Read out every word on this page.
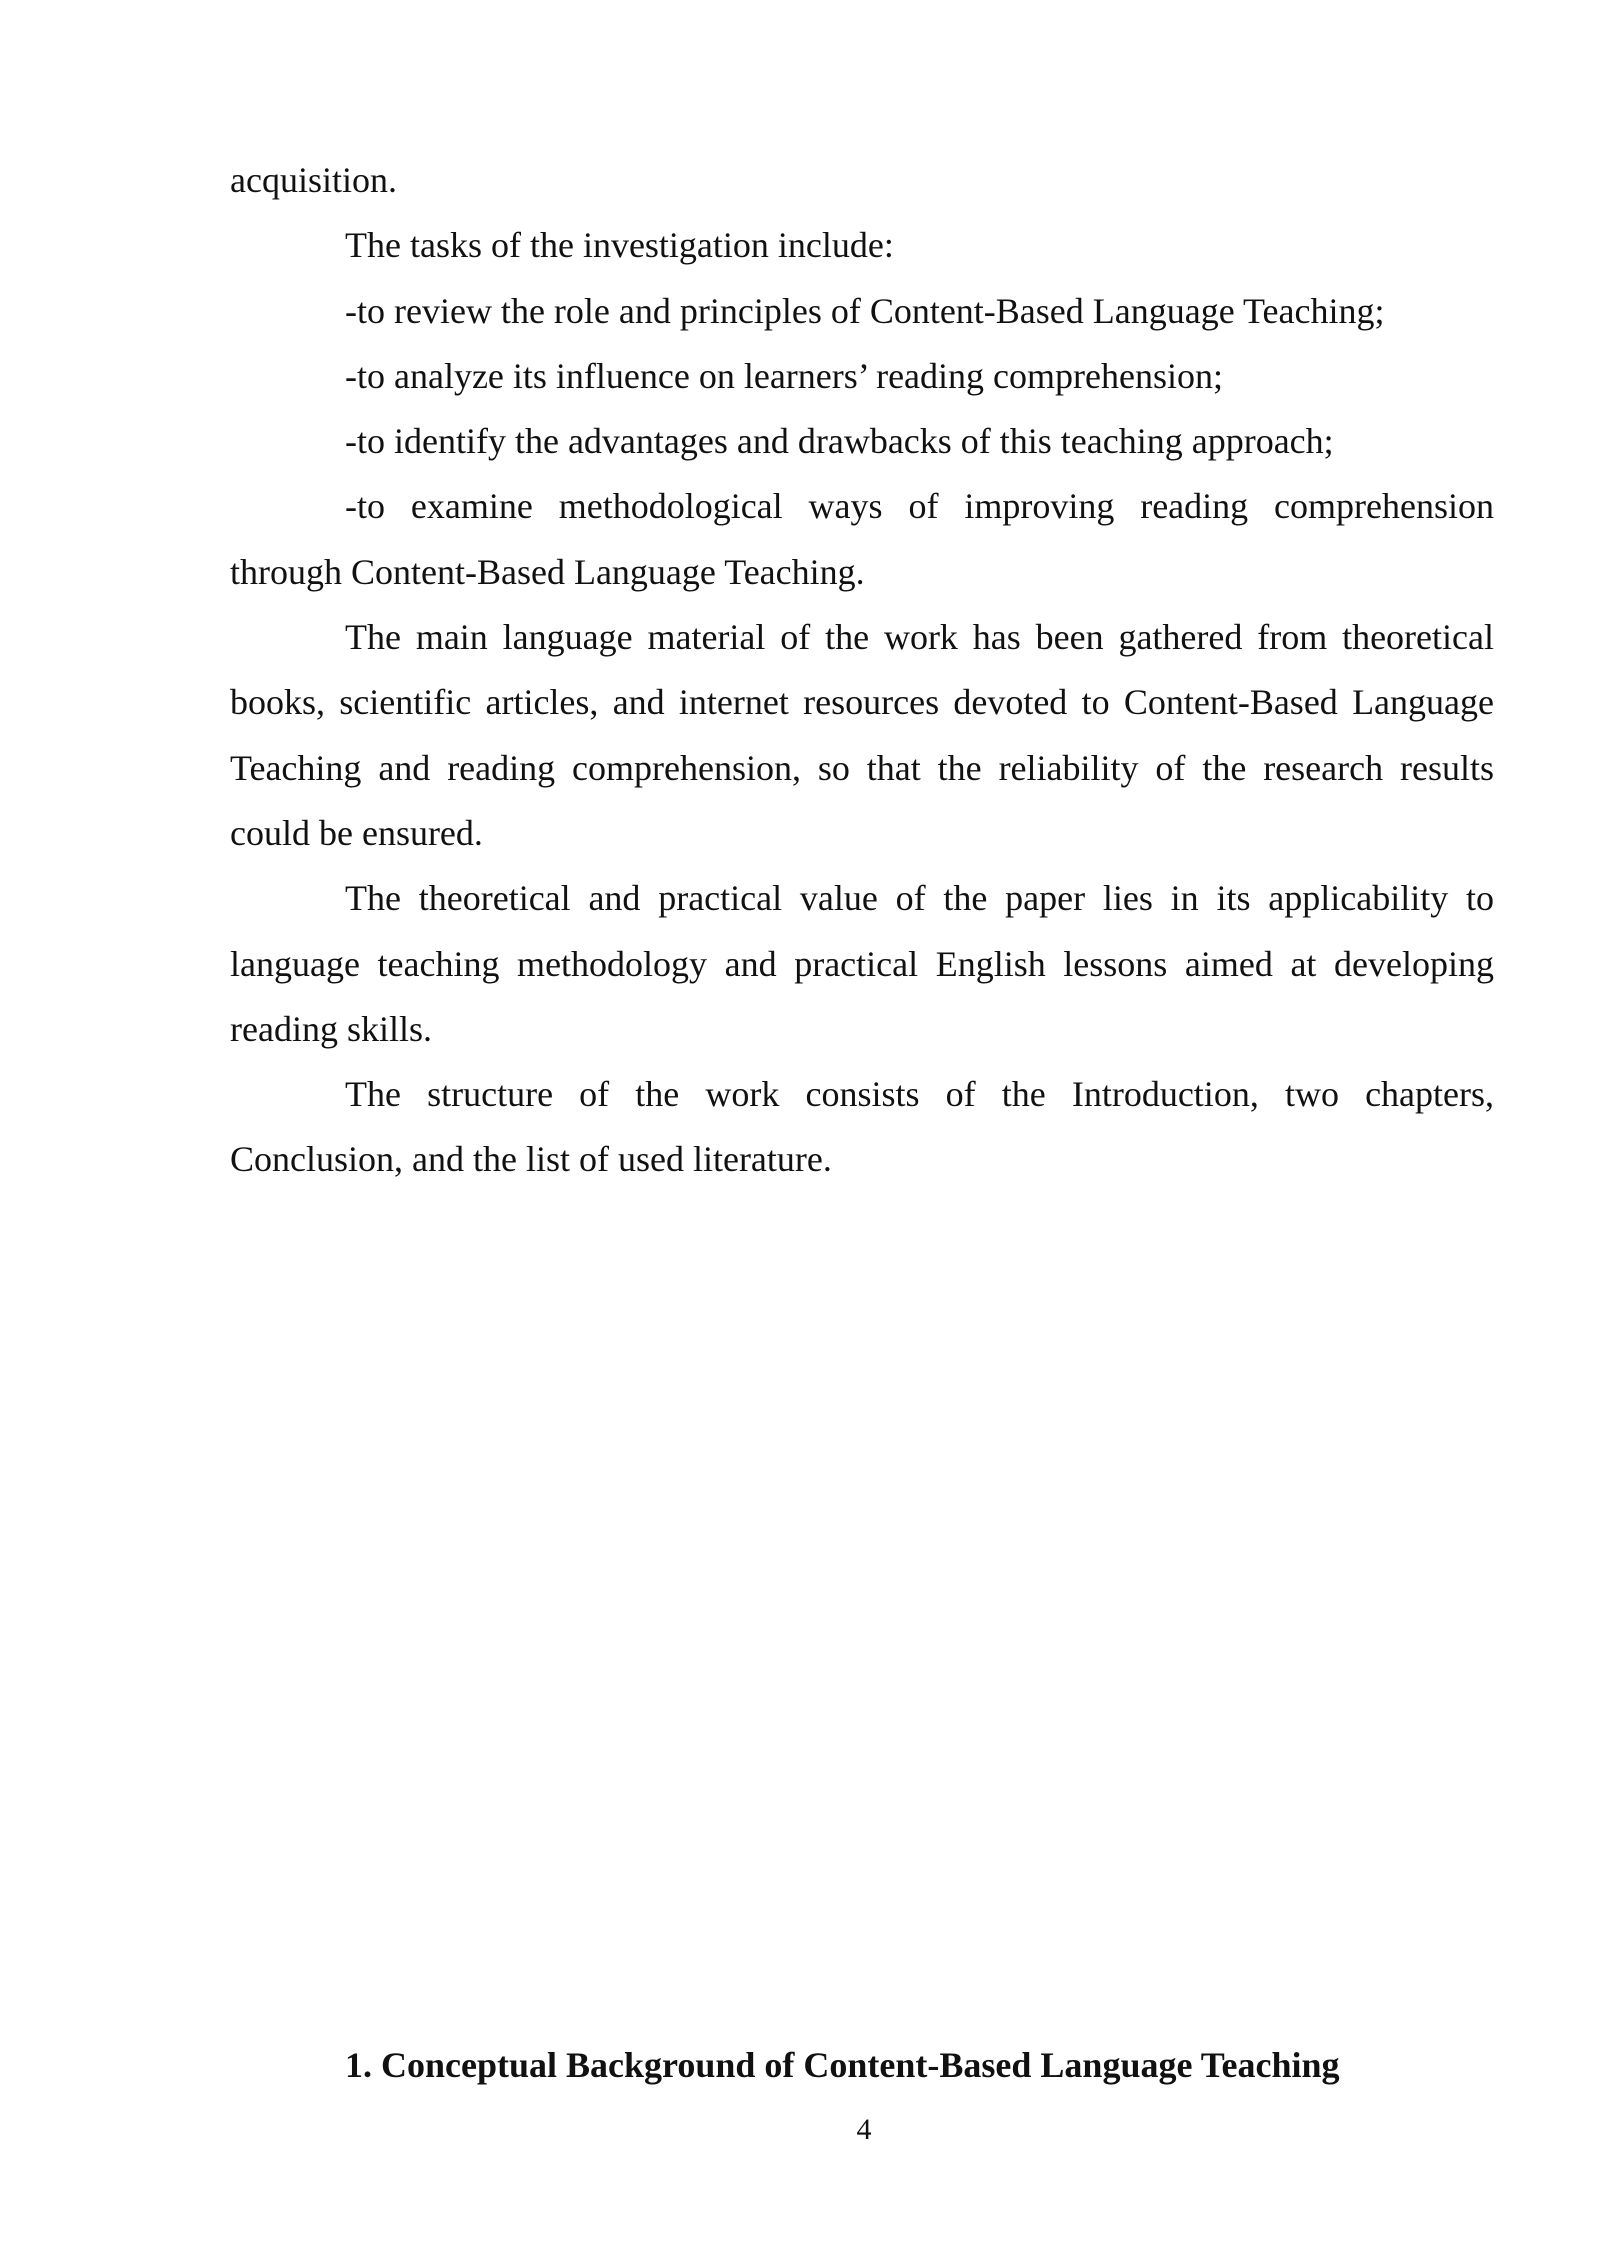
acquisition.

The tasks of the investigation include:

-to review the role and principles of Content-Based Language Teaching;

-to analyze its influence on learners’ reading comprehension;

-to identify the advantages and drawbacks of this teaching approach;

-to examine methodological ways of improving reading comprehension through Content-Based Language Teaching.

The main language material of the work has been gathered from theoretical books, scientific articles, and internet resources devoted to Content-Based Language Teaching and reading comprehension, so that the reliability of the research results could be ensured.

The theoretical and practical value of the paper lies in its applicability to language teaching methodology and practical English lessons aimed at developing reading skills.

The structure of the work consists of the Introduction, two chapters, Conclusion, and the list of used literature.

1. Conceptual Background of Content-Based Language Teaching
4
